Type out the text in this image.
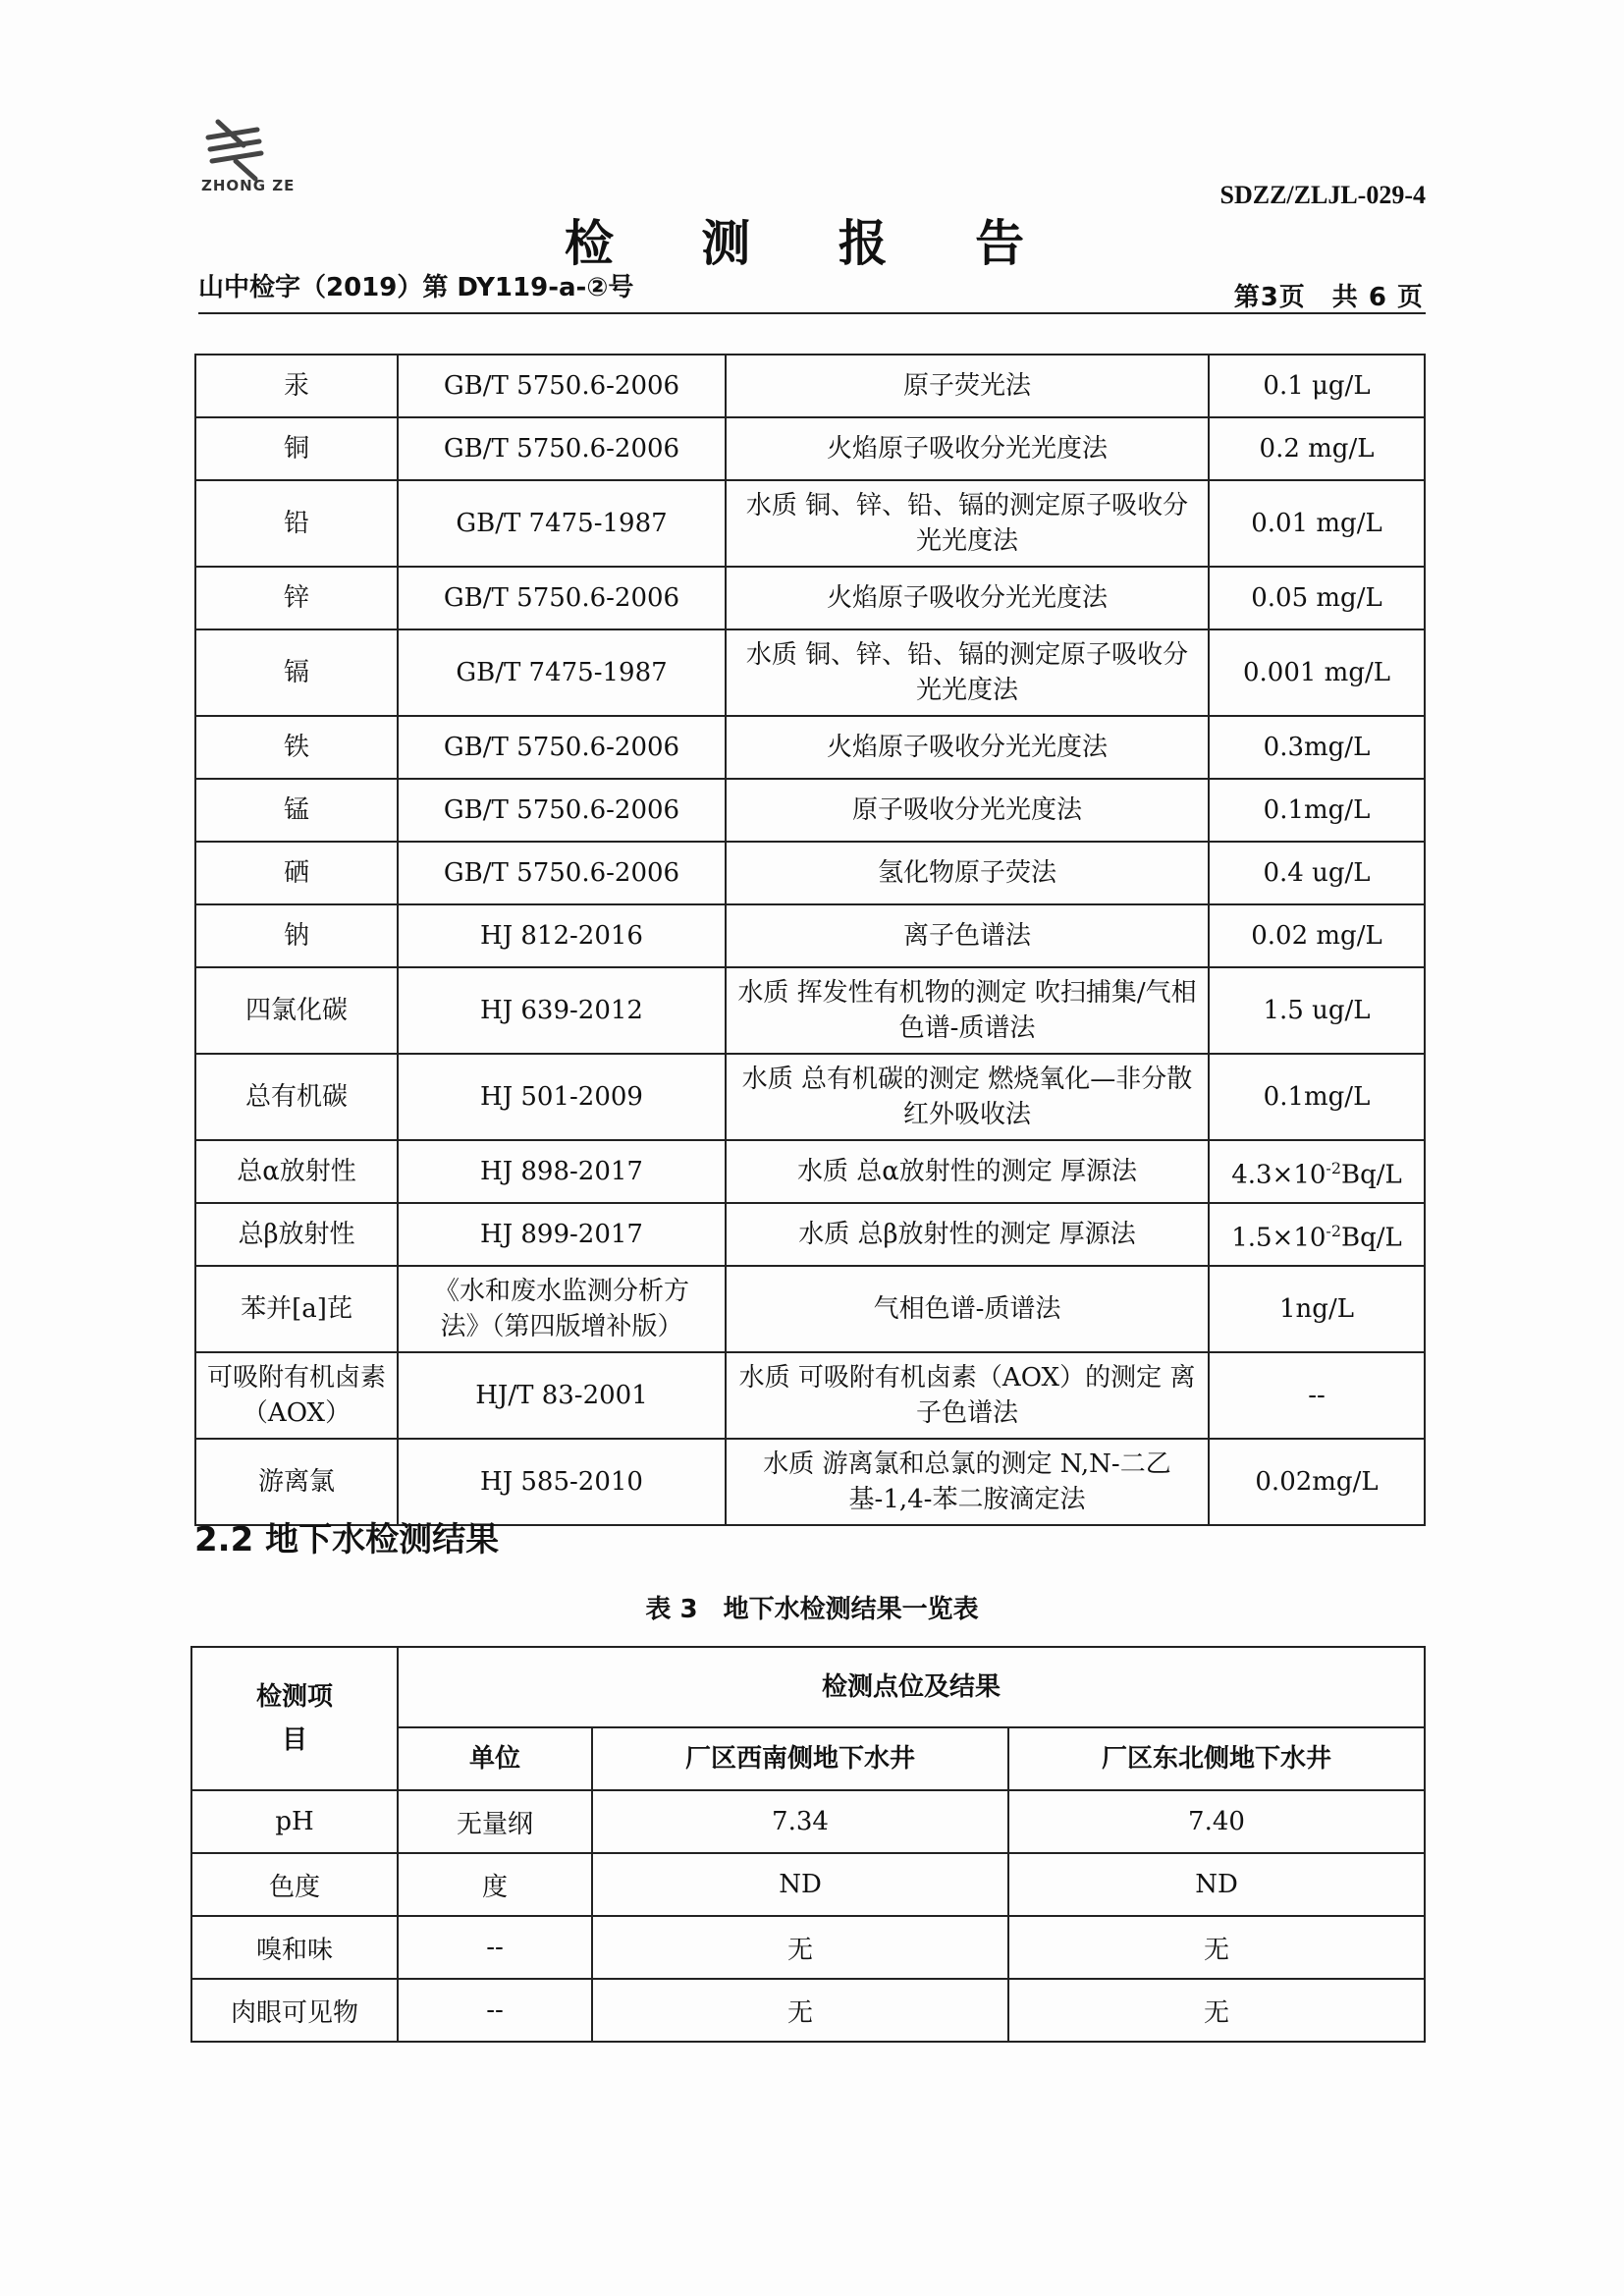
ZHONG ZE	SDZZ/ZLJL-029-4
检 测 报 告
山中检字（2019）第 DY119-a-②号	第3页　共 6 页
汞	GB/T 5750.6-2006	原子荧光法	0.1 μg/L
铜	GB/T 5750.6-2006	火焰原子吸收分光光度法	0.2 mg/L
铅	GB/T 7475-1987	水质 铜、锌、铅、镉的测定原子吸收分光光度法	0.01 mg/L
锌	GB/T 5750.6-2006	火焰原子吸收分光光度法	0.05 mg/L
镉	GB/T 7475-1987	水质 铜、锌、铅、镉的测定原子吸收分光光度法	0.001 mg/L
铁	GB/T 5750.6-2006	火焰原子吸收分光光度法	0.3mg/L
锰	GB/T 5750.6-2006	原子吸收分光光度法	0.1mg/L
硒	GB/T 5750.6-2006	氢化物原子荧法	0.4 ug/L
钠	HJ 812-2016	离子色谱法	0.02 mg/L
四氯化碳	HJ 639-2012	水质 挥发性有机物的测定 吹扫捕集/气相色谱-质谱法	1.5 ug/L
总有机碳	HJ 501-2009	水质 总有机碳的测定 燃烧氧化—非分散红外吸收法	0.1mg/L
总α放射性	HJ 898-2017	水质 总α放射性的测定 厚源法	$4.3\times 10^{-2}Bq/L$
总β放射性	HJ 899-2017	水质 总β放射性的测定 厚源法	$1.5\times 10^{-2}Bq/L$
苯并[a]芘	《水和废水监测分析方法》（第四版增补版）	气相色谱-质谱法	1ng/L
可吸附有机卤素（AOX）	HJ/T 83-2001	水质 可吸附有机卤素（AOX）的测定 离子色谱法	--
游离氯	HJ 585-2010	水质 游离氯和总氯的测定 N,N-二乙基-1,4-苯二胺滴定法	0.02mg/L
2.2 地下水检测结果
表 3　地下水检测结果一览表
检测项目	检测点位及结果		
	单位	厂区西南侧地下水井	厂区东北侧地下水井
pH	无量纲	7.34	7.40
色度	度	ND	ND
嗅和味	--	无	无
肉眼可见物	--	无	无
